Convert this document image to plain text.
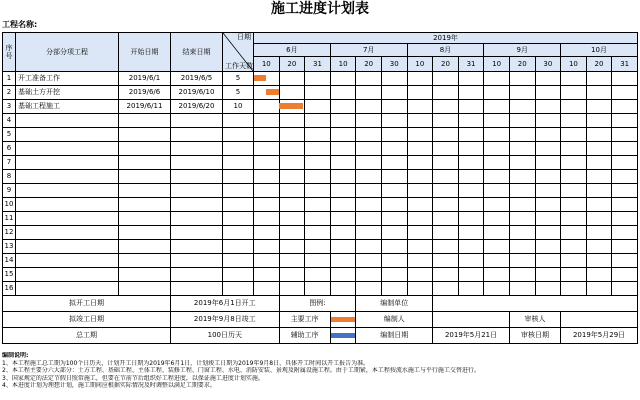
施工进度计划表
工程名称:
序号	分部分项工程	开始日期	结束日期	日期
工作天数	2019年														
					6月			7月			8月			9月			10月		
					10	20	31	10	20	30	10	20	31	10	20	30	10	20	31
1	开工准备工作	2019/6/1	2019/6/5	5															

2	基础土方开挖	2019/6/6	2019/6/10	5															

3	基础工程施工	2019/6/11	2019/6/20	10															

4																			

5																			

6																			

7																			

8																			

9																			

10																			

11																			

12																			

13																			

14																			

15																			

16																			

拟开工日期			2019年6月1日开工			图例:			编制单位										
拟竣工日期			2019年9月8日竣工			主要工序			编制人						审核人				
总工期			100日历天			辅助工序			编制日期			2019年5月21日			审核日期		2019年5月29日		
编制说明:
1、本工程施工总工期为100个日历天，计划开工日期为2019年6月1日，计划竣工日期为2019年9月8日，具体开工时间以开工报告为准。
2、本工程主要分六大部分：土方工程、基础工程、主体工程、装修工程、门窗工程、水电、消防安装、景观及附属设施工程。由于工期紧，本工程按流水施工与平行施工交替进行。
3、国家规定的法定节假日照常施工，但要在节前节后组织好工程进度，以保证施工进度计划实施。
4、本进度计划为理想计划，施工期间应根据实际情况及时调整以满足工期要求。
